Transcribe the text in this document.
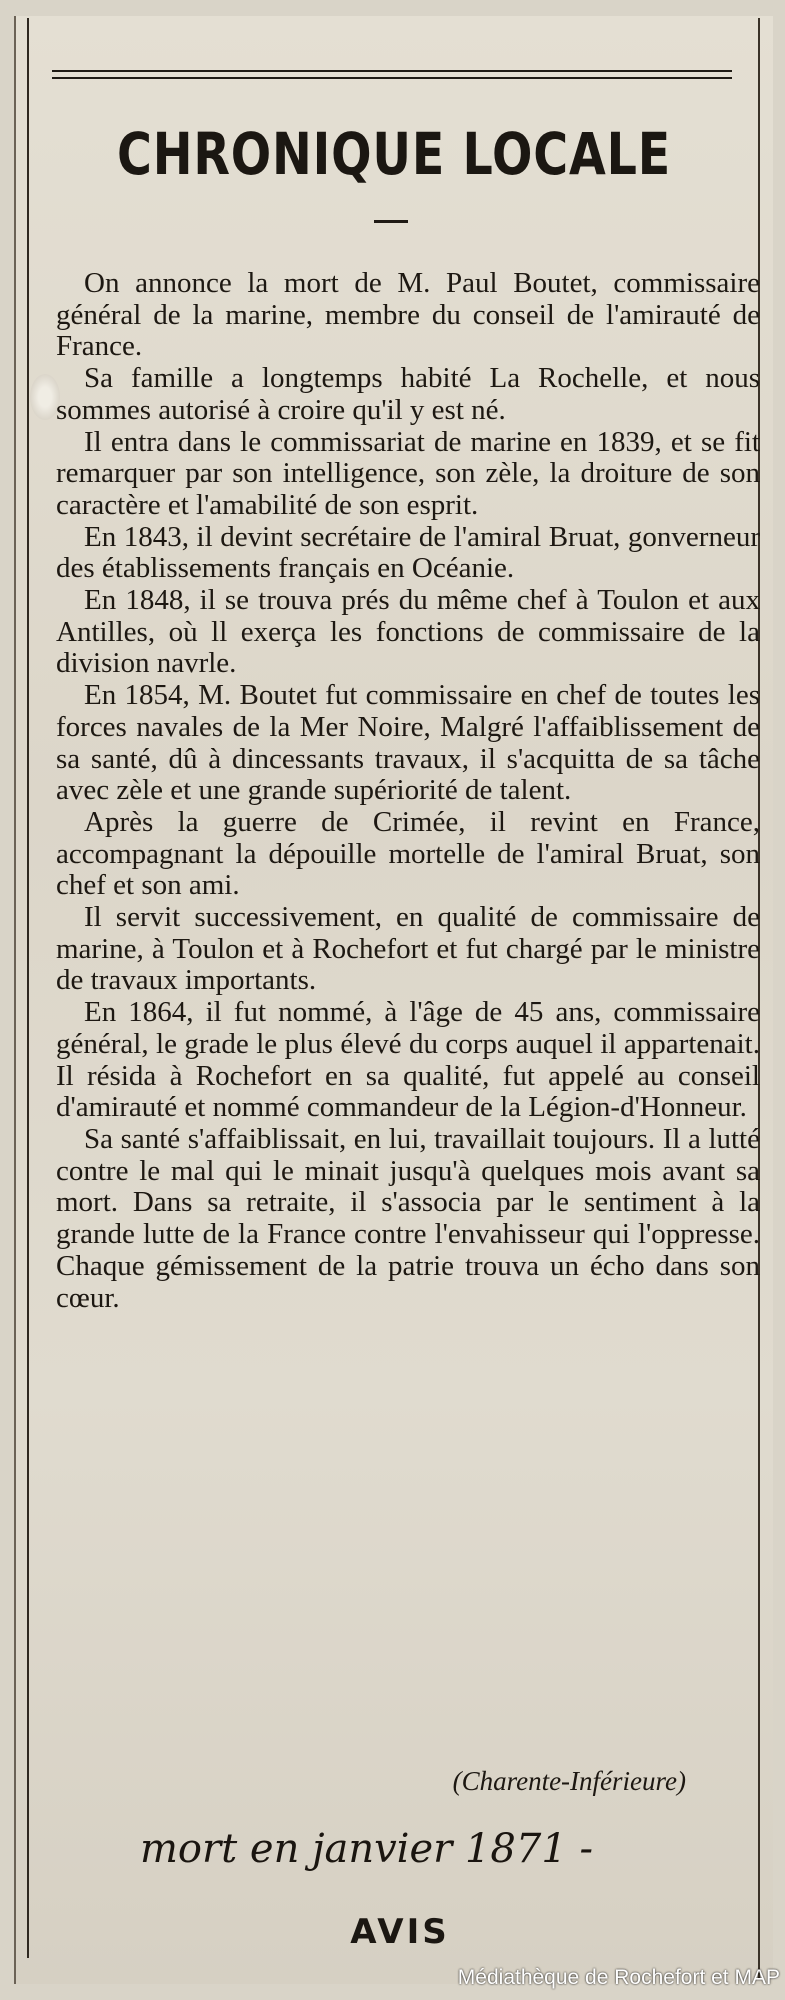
CHRONIQUE LOCALE

On annonce la mort de M. Paul Boutet, commissaire général de la marine, membre du conseil de l'amirauté de France.

Sa famille a longtemps habité La Rochelle, et nous sommes autorisé à croire qu'il y est né.

Il entra dans le commissariat de marine en 1839, et se fit remarquer par son intelligence, son zèle, la droiture de son caractère et l'amabilité de son esprit.

En 1843, il devint secrétaire de l'amiral Bruat, gonverneur des établissements français en Océanie.

En 1848, il se trouva prés du même chef à Toulon et aux Antilles, où ll exerça les fonctions de commissaire de la division navrle.

En 1854, M. Boutet fut commissaire en chef de toutes les forces navales de la Mer Noire, Malgré l'affaiblissement de sa santé, dû à dincessants travaux, il s'acquitta de sa tâche avec zèle et une grande supériorité de talent.

Après la guerre de Crimée, il revint en France, accompagnant la dépouille mortelle de l'amiral Bruat, son chef et son ami.

Il servit successivement, en qualité de commissaire de marine, à Toulon et à Rochefort et fut chargé par le ministre de travaux importants.

En 1864, il fut nommé, à l'âge de 45 ans, commissaire général, le grade le plus élevé du corps auquel il appartenait. Il résida à Rochefort en sa qualité, fut appelé au conseil d'amirauté et nommé commandeur de la Légion-d'Honneur.

Sa santé s'affaiblissait, en lui, travaillait toujours. Il a lutté contre le mal qui le minait jusqu'à quelques mois avant sa mort. Dans sa retraite, il s'associa par le sentiment à la grande lutte de la France contre l'envahisseur qui l'oppresse. Chaque gémissement de la patrie trouva un écho dans son cœur.

(Charente-Inférieure)
mort en janvier 1871 -
AVIS
Médiathèque de Rochefort et MAP
